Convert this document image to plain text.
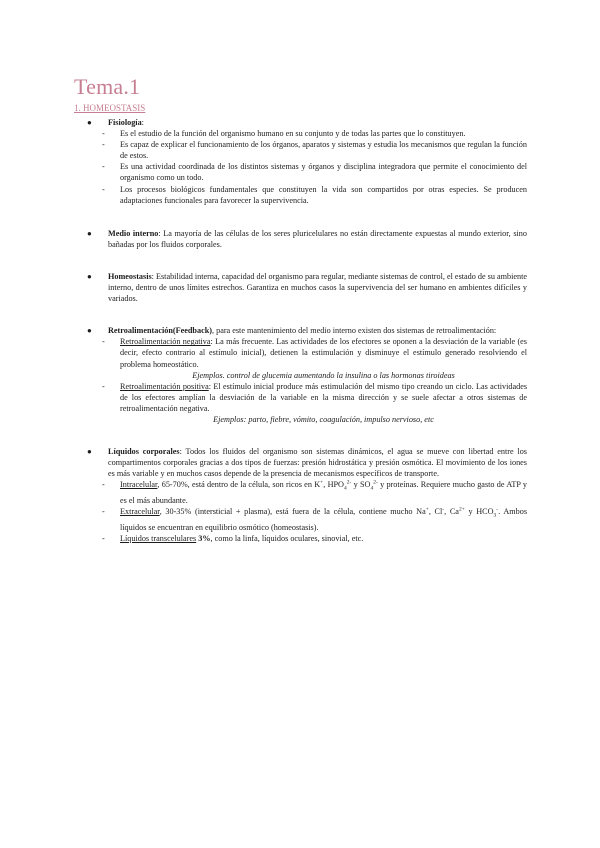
Tema.1
1. HOMEOSTASIS
● Fisiología:
- Es el estudio de la función del organismo humano en su conjunto y de todas las partes que lo constituyen.
- Es capaz de explicar el funcionamiento de los órganos, aparatos y sistemas y estudia los mecanismos que regulan la función de estos.
- Es una actividad coordinada de los distintos sistemas y órganos y disciplina integradora que permite el conocimiento del organismo como un todo.
- Los procesos biológicos fundamentales que constituyen la vida son compartidos por otras especies. Se producen adaptaciones funcionales para favorecer la supervivencia.
● Medio interno: La mayoría de las células de los seres pluricelulares no están directamente expuestas al mundo exterior, sino bañadas por los fluidos corporales.
● Homeostasis: Estabilidad interna, capacidad del organismo para regular, mediante sistemas de control, el estado de su ambiente interno, dentro de unos límites estrechos. Garantiza en muchos casos la supervivencia del ser humano en ambientes difíciles y variados.
● Retroalimentación(Feedback), para este mantenimiento del medio interno existen dos sistemas de retroalimentación:
- Retroalimentación negativa: La más frecuente. Las actividades de los efectores se oponen a la desviación de la variable (es decir, efecto contrario al estímulo inicial), detienen la estimulación y disminuye el estímulo generado resolviendo el problema homeostático.
Ejemplos. control de glucemia aumentando la insulina o las hormonas tiroideas
- Retroalimentación positiva: El estímulo inicial produce más estimulación del mismo tipo creando un ciclo. Las actividades de los efectores amplían la desviación de la variable en la misma dirección y se suele afectar a otros sistemas de retroalimentación negativa.
Ejemplos: parto, fiebre, vómito, coagulación, impulso nervioso, etc
● Líquidos corporales: Todos los fluidos del organismo son sistemas dinámicos, el agua se mueve con libertad entre los compartimentos corporales gracias a dos tipos de fuerzas: presión hidrostática y presión osmótica. El movimiento de los iones es más variable y en muchos casos depende de la presencia de mecanismos específicos de transporte.
- Intracelular, 65-70%, está dentro de la célula, son ricos en K+, $HPO_4^{2-}$ y $SO_4^{2-}$ y proteínas. Requiere mucho gasto de ATP y es el más abundante.
- Extracelular, 30-35% (intersticial + plasma), está fuera de la célula, contiene mucho Na+, Cl-, $Ca^{2+}$ y $HCO_3^-$. Ambos líquidos se encuentran en equilibrio osmótico (homeostasis).
- Líquidos transcelulares 3%, como la linfa, líquidos oculares, sinovial, etc.
